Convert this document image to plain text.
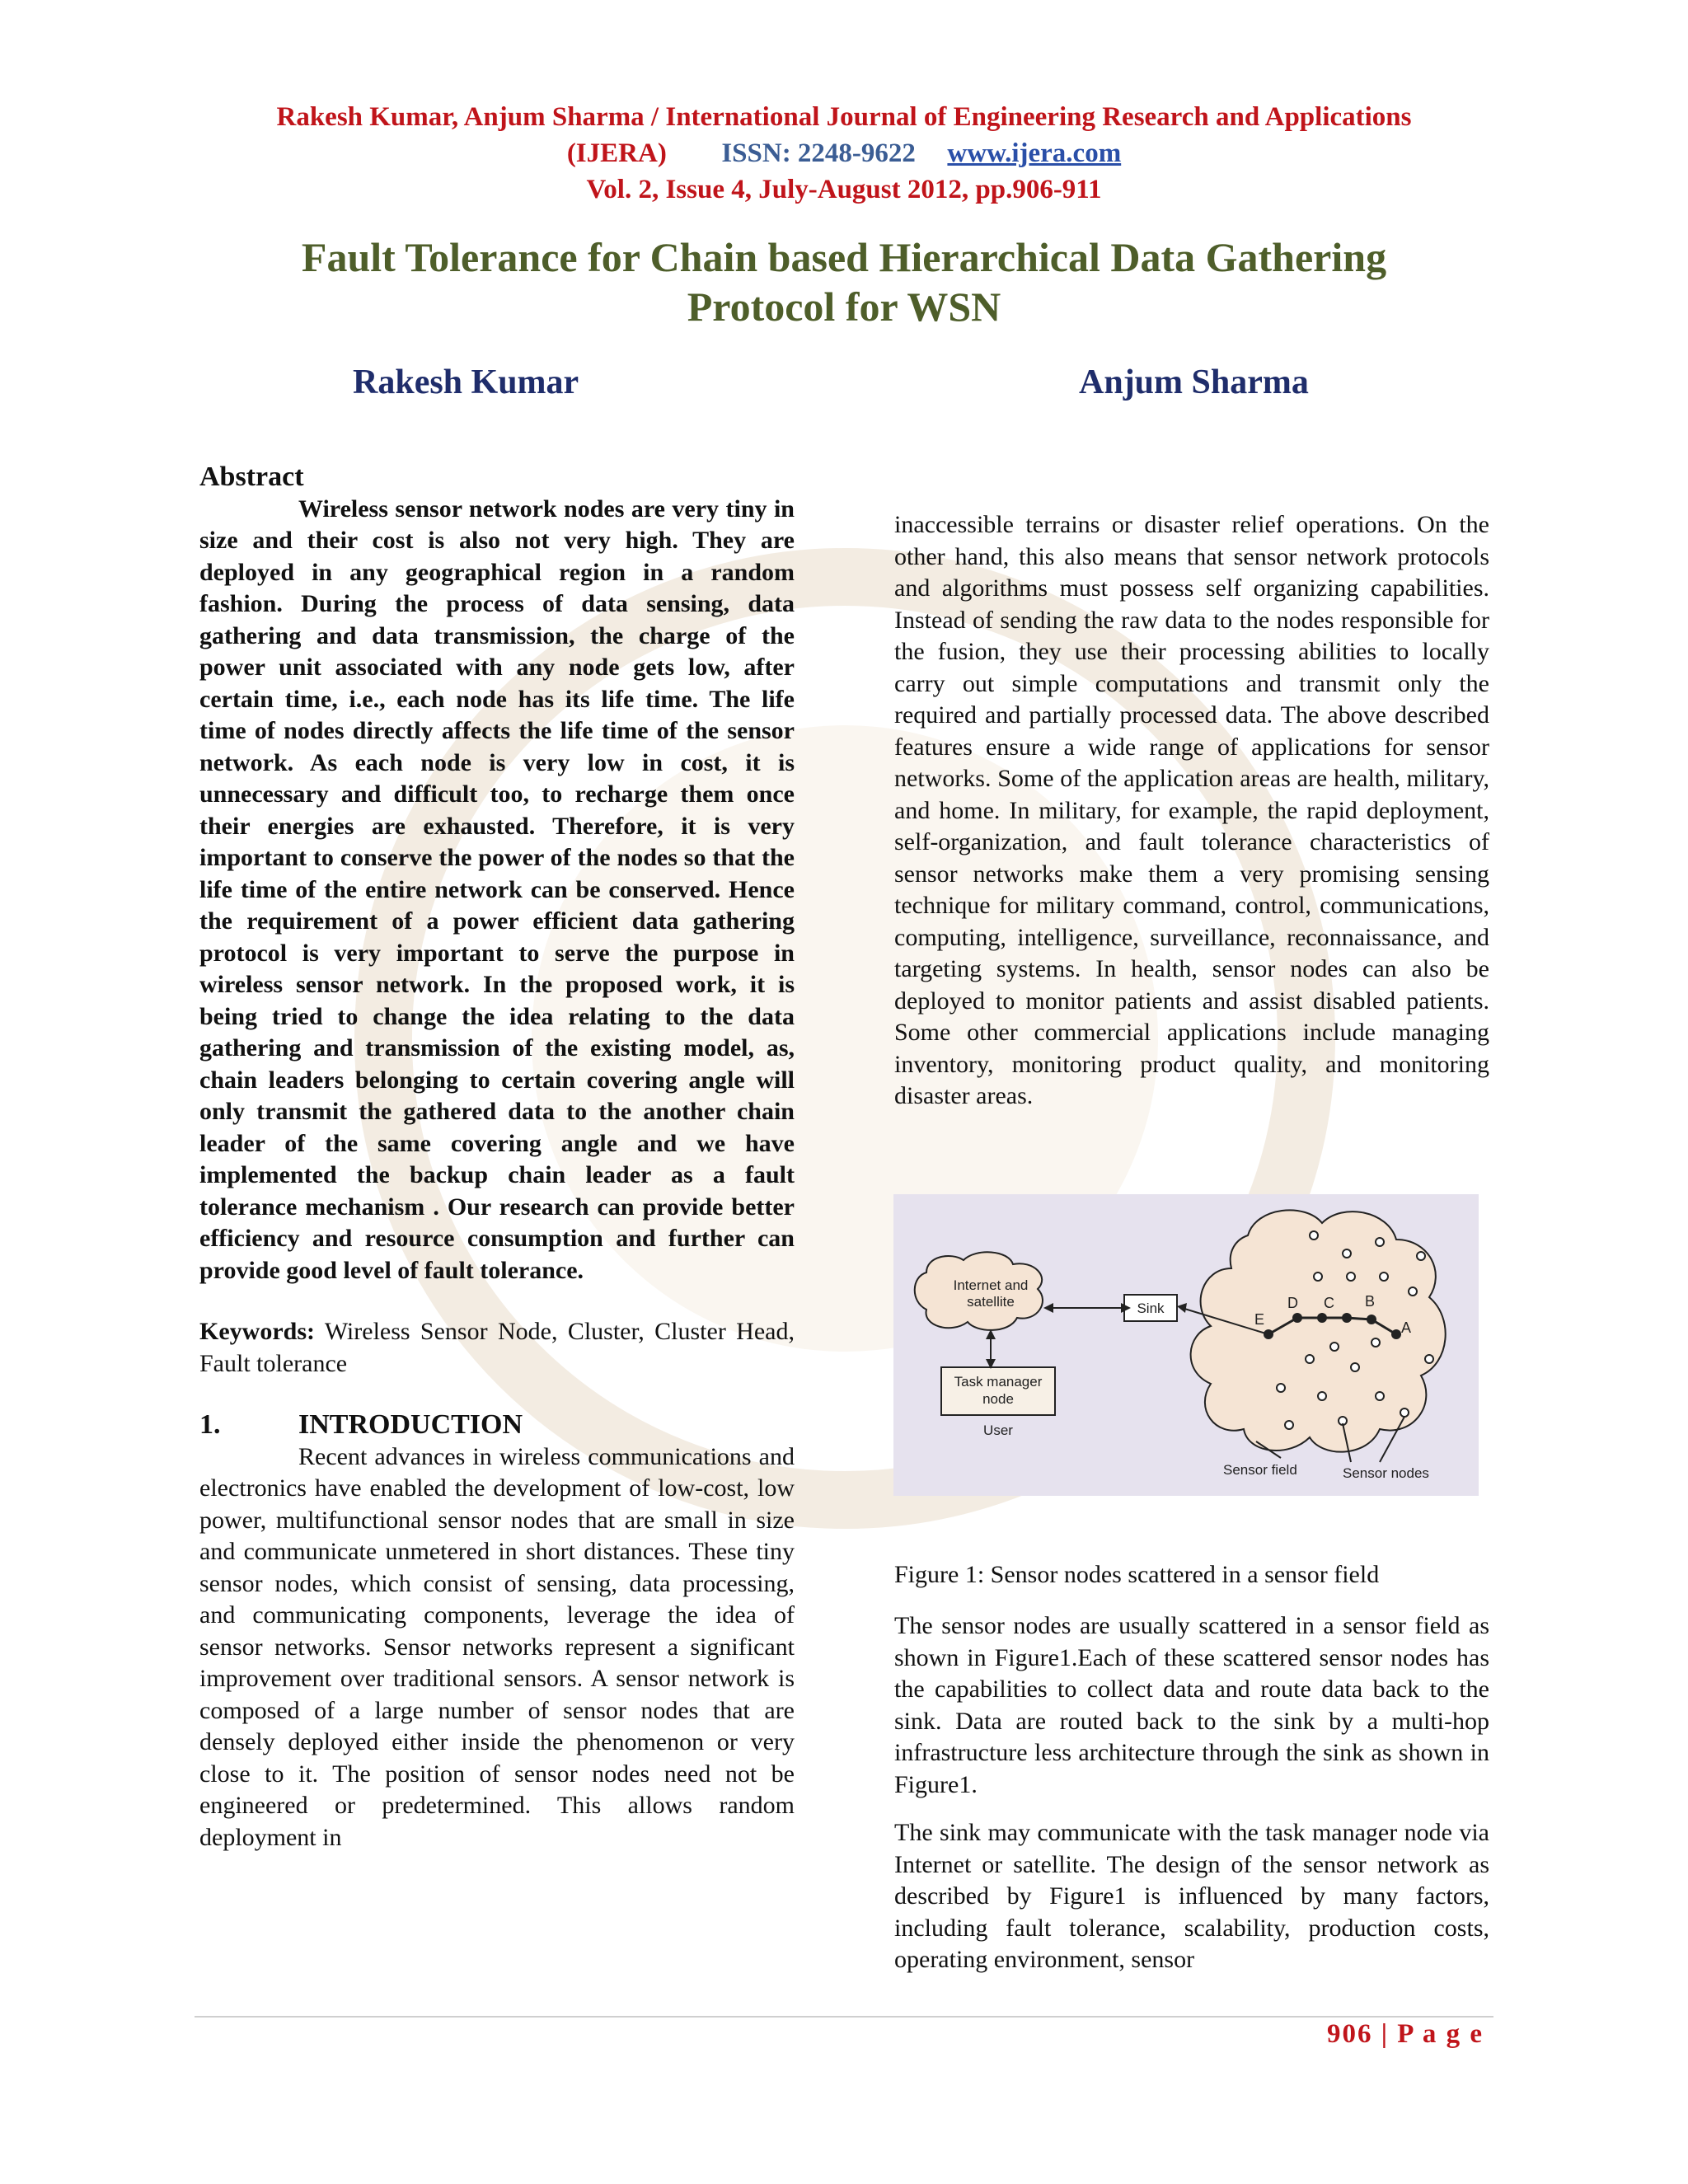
Rakesh Kumar, Anjum Sharma / International Journal of Engineering Research and Applications
(IJERA) ISSN: 2248-9622 www.ijera.com
Vol. 2, Issue 4, July-August 2012, pp.906-911
Fault Tolerance for Chain based Hierarchical Data Gathering
Protocol for WSN
Rakesh Kumar	Anjum Sharma
Abstract

Wireless sensor network nodes are very tiny in size and their cost is also not very high. They are deployed in any geographical region in a random fashion. During the process of data sensing, data gathering and data transmission, the charge of the power unit associated with any node gets low, after certain time, i.e., each node has its life time. The life time of nodes directly affects the life time of the sensor network. As each node is very low in cost, it is unnecessary and difficult too, to recharge them once their energies are exhausted. Therefore, it is very important to conserve the power of the nodes so that the life time of the entire network can be conserved. Hence the requirement of a power efficient data gathering protocol is very important to serve the purpose in wireless sensor network. In the proposed work, it is being tried to change the idea relating to the data gathering and transmission of the existing model, as, chain leaders belonging to certain covering angle will only transmit the gathered data to the another chain leader of the same covering angle and we have implemented the backup chain leader as a fault tolerance mechanism . Our research can provide better efficiency and resource consumption and further can provide good level of fault tolerance.

Keywords: Wireless Sensor Node, Cluster, Cluster Head, Fault tolerance

1.	INTRODUCTION

Recent advances in wireless communications and electronics have enabled the development of low-cost, low power, multifunctional sensor nodes that are small in size and communicate unmetered in short distances. These tiny sensor nodes, which consist of sensing, data processing, and communicating components, leverage the idea of sensor networks. Sensor networks represent a significant improvement over traditional sensors. A sensor network is composed of a large number of sensor nodes that are densely deployed either inside the phenomenon or very close to it. The position of sensor nodes need not be engineered or predetermined. This allows random deployment in

inaccessible terrains or disaster relief operations. On the other hand, this also means that sensor network protocols and algorithms must possess self organizing capabilities. Instead of sending the raw data to the nodes responsible for the fusion, they use their processing abilities to locally carry out simple computations and transmit only the required and partially processed data. The above described features ensure a wide range of applications for sensor networks. Some of the application areas are health, military, and home. In military, for example, the rapid deployment, self-organization, and fault tolerance characteristics of sensor networks make them a very promising sensing technique for military command, control, communications, computing, intelligence, surveillance, reconnaissance, and targeting systems. In health, sensor nodes can also be deployed to monitor patients and assist disabled patients. Some other commercial applications include managing inventory, monitoring product quality, and monitoring disaster areas.

Internet and
satellite	Sink
Task manager
node
User
E
D C B
A
Sensor field	Sensor nodes
Figure 1: Sensor nodes scattered in a sensor field

The sensor nodes are usually scattered in a sensor field as shown in Figure1.Each of these scattered sensor nodes has the capabilities to collect data and route data back to the sink. Data are routed back to the sink by a multi-hop infrastructure less architecture through the sink as shown in Figure1.

The sink may communicate with the task manager node via Internet or satellite. The design of the sensor network as described by Figure1 is influenced by many factors, including fault tolerance, scalability, production costs, operating environment, sensor

906 | P a g e
